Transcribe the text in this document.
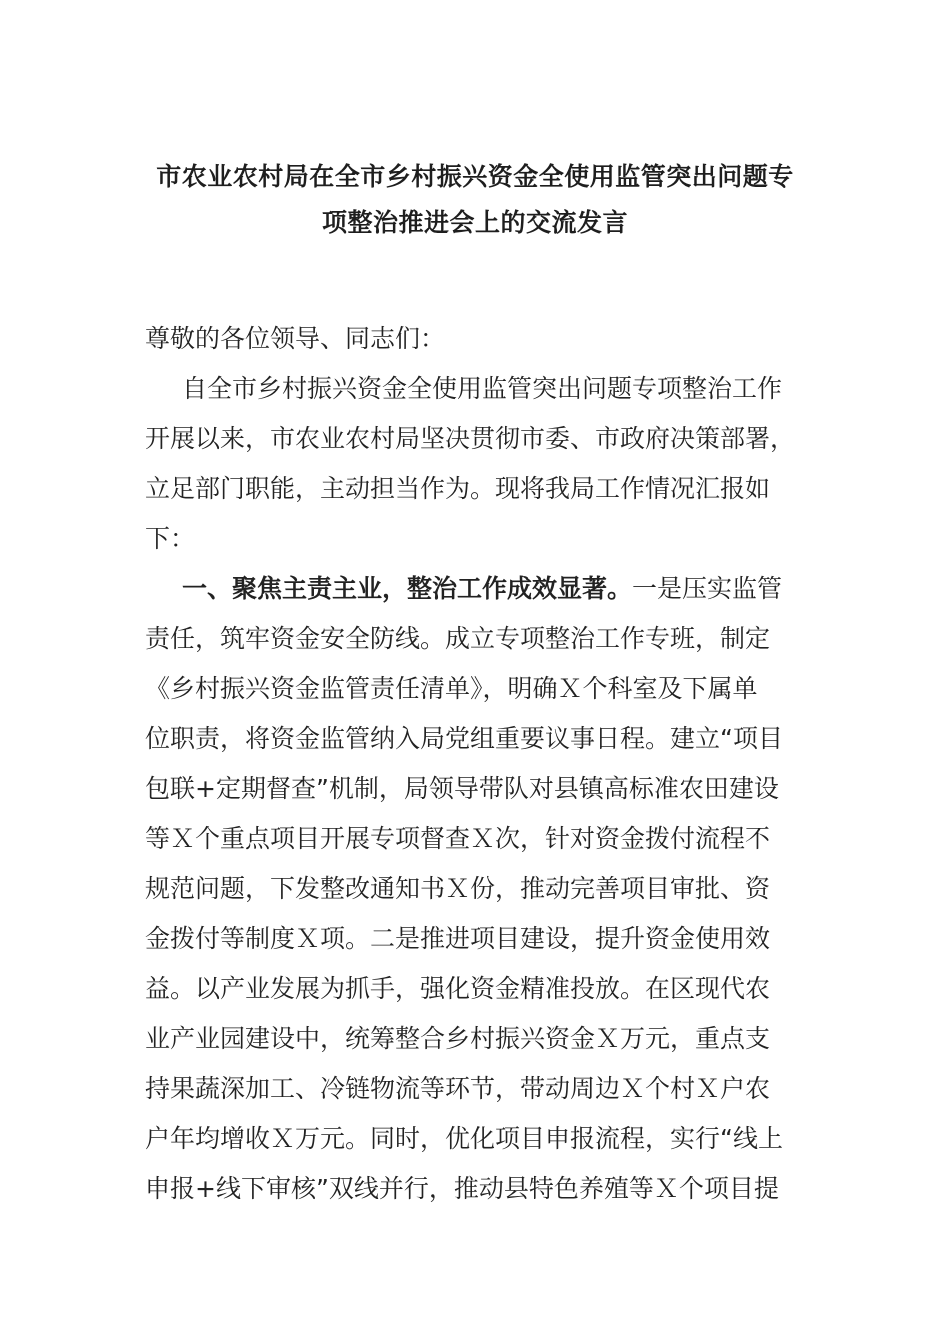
市农业农村局在全市乡村振兴资金全使用监管突出问题专
项整治推进会上的交流发言
尊敬的各位领导、同志们：
自全市乡村振兴资金全使用监管突出问题专项整治工作
开展以来，市农业农村局坚决贯彻市委、市政府决策部署，
立足部门职能，主动担当作为。现将我局工作情况汇报如
下：
一、聚焦主责主业，整治工作成效显著。一是压实监管
责任，筑牢资金安全防线。成立专项整治工作专班，制定
《乡村振兴资金监管责任清单》，明确Ｘ个科室及下属单
位职责，将资金监管纳入局党组重要议事日程。建立“项目
包联+定期督查”机制，局领导带队对县镇高标准农田建设
等Ｘ个重点项目开展专项督查Ｘ次，针对资金拨付流程不
规范问题，下发整改通知书Ｘ份，推动完善项目审批、资
金拨付等制度Ｘ项。二是推进项目建设，提升资金使用效
益。以产业发展为抓手，强化资金精准投放。在区现代农
业产业园建设中，统筹整合乡村振兴资金Ｘ万元，重点支
持果蔬深加工、冷链物流等环节，带动周边Ｘ个村Ｘ户农
户年均增收Ｘ万元。同时，优化项目申报流程，实行“线上
申报+线下审核”双线并行，推动县特色养殖等Ｘ个项目提
